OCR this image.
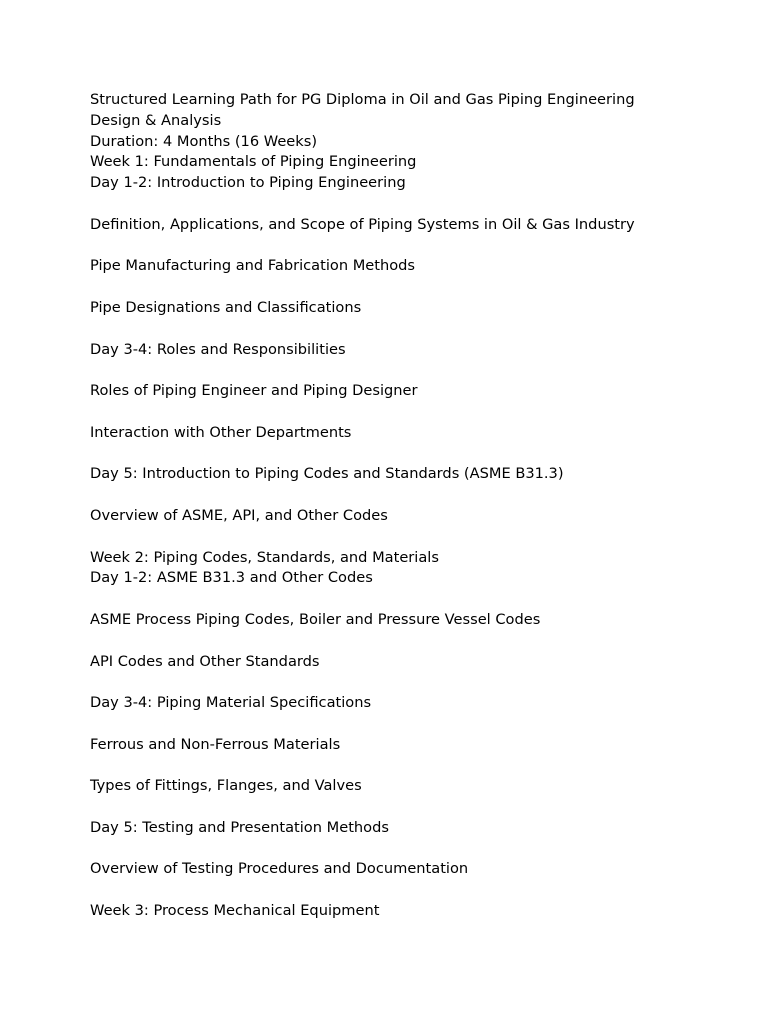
Structured Learning Path for PG Diploma in Oil and Gas Piping Engineering

Design & Analysis

Duration: 4 Months (16 Weeks)

Week 1: Fundamentals of Piping Engineering

Day 1-2: Introduction to Piping Engineering

Definition, Applications, and Scope of Piping Systems in Oil & Gas Industry

Pipe Manufacturing and Fabrication Methods

Pipe Designations and Classifications

Day 3-4: Roles and Responsibilities

Roles of Piping Engineer and Piping Designer

Interaction with Other Departments

Day 5: Introduction to Piping Codes and Standards (ASME B31.3)

Overview of ASME, API, and Other Codes

Week 2: Piping Codes, Standards, and Materials

Day 1-2: ASME B31.3 and Other Codes

ASME Process Piping Codes, Boiler and Pressure Vessel Codes

API Codes and Other Standards

Day 3-4: Piping Material Specifications

Ferrous and Non-Ferrous Materials

Types of Fittings, Flanges, and Valves

Day 5: Testing and Presentation Methods

Overview of Testing Procedures and Documentation

Week 3: Process Mechanical Equipment
